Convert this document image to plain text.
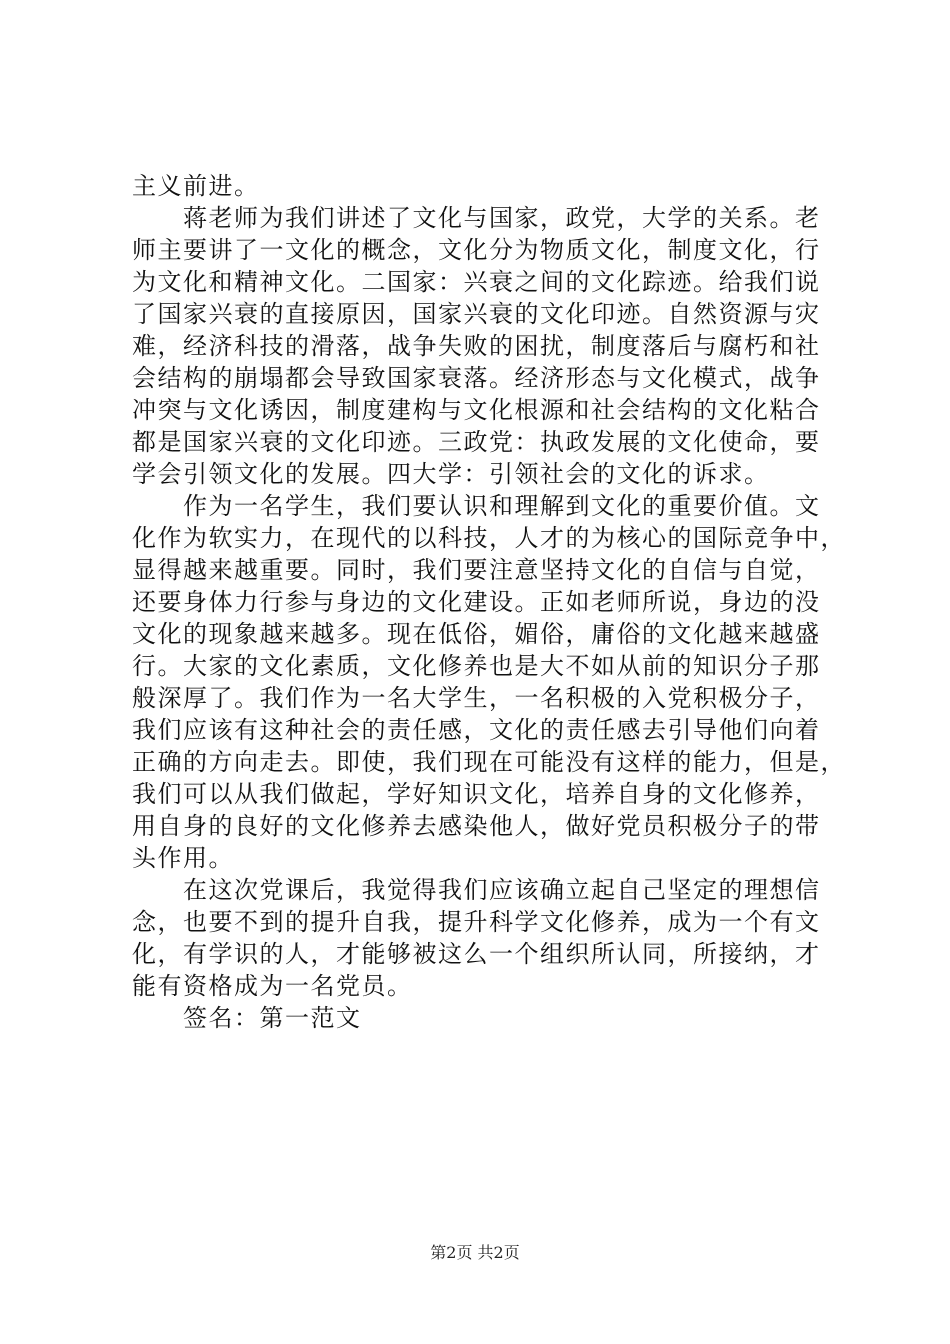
主义前进。
　　蒋老师为我们讲述了文化与国家，政党，大学的关系。老
师主要讲了一文化的概念，文化分为物质文化，制度文化，行
为文化和精神文化。二国家：兴衰之间的文化踪迹。给我们说
了国家兴衰的直接原因，国家兴衰的文化印迹。自然资源与灾
难，经济科技的滑落，战争失败的困扰，制度落后与腐朽和社
会结构的崩塌都会导致国家衰落。经济形态与文化模式，战争
冲突与文化诱因，制度建构与文化根源和社会结构的文化粘合
都是国家兴衰的文化印迹。三政党：执政发展的文化使命，要
学会引领文化的发展。四大学：引领社会的文化的诉求。
　　作为一名学生，我们要认识和理解到文化的重要价值。文
化作为软实力，在现代的以科技，人才的为核心的国际竞争中，
显得越来越重要。同时，我们要注意坚持文化的自信与自觉，
还要身体力行参与身边的文化建设。正如老师所说，身边的没
文化的现象越来越多。现在低俗，媚俗，庸俗的文化越来越盛
行。大家的文化素质，文化修养也是大不如从前的知识分子那
般深厚了。我们作为一名大学生，一名积极的入党积极分子，
我们应该有这种社会的责任感，文化的责任感去引导他们向着
正确的方向走去。即使，我们现在可能没有这样的能力，但是，
我们可以从我们做起，学好知识文化，培养自身的文化修养，
用自身的良好的文化修养去感染他人，做好党员积极分子的带
头作用。
　　在这次党课后，我觉得我们应该确立起自己坚定的理想信
念，也要不到的提升自我，提升科学文化修养，成为一个有文
化，有学识的人，才能够被这么一个组织所认同，所接纳，才
能有资格成为一名党员。
　　签名：第一范文
第2页 共2页
